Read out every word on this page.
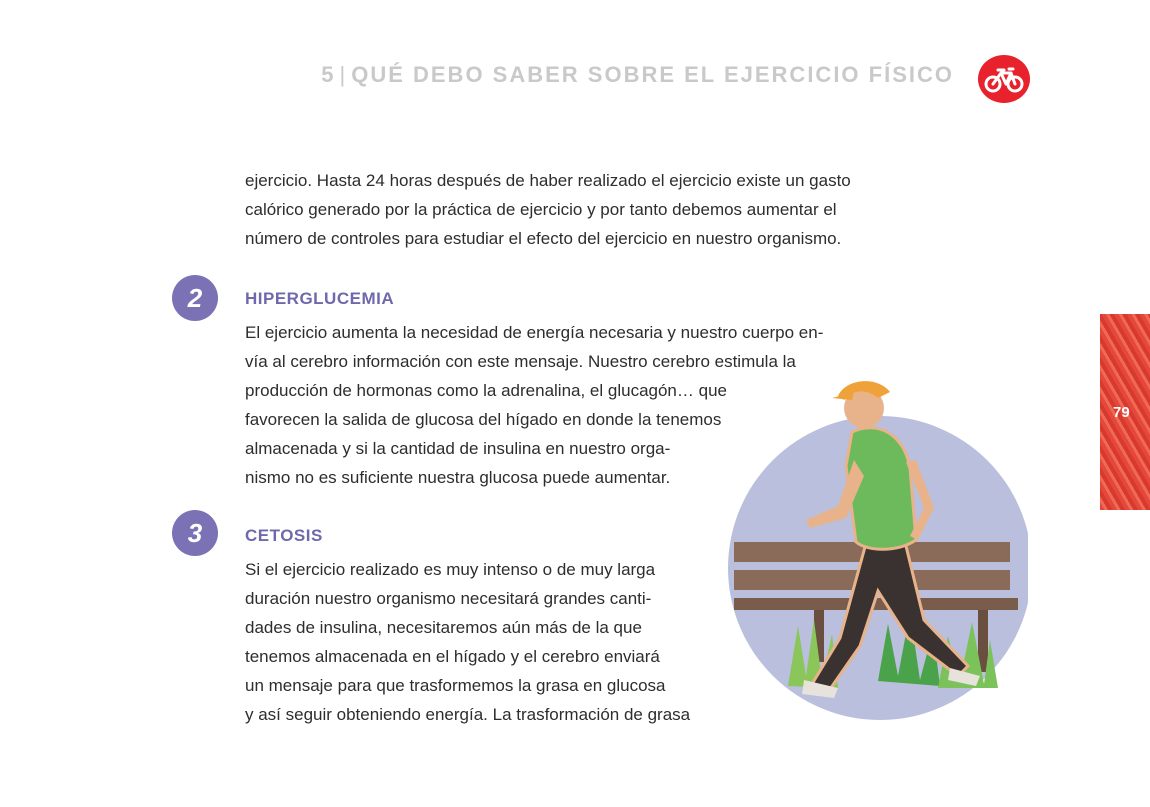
5 | QUÉ DEBO SABER SOBRE EL EJERCICIO FÍSICO
79

ejercicio. Hasta 24 horas después de haber realizado el ejercicio existe un gasto

calórico generado por la práctica de ejercicio y por tanto debemos aumentar el

número de controles para estudiar el efecto del ejercicio en nuestro organismo.

2	HIPERGLUCEMIA

El ejercicio aumenta la necesidad de energía necesaria y nuestro cuerpo en-

vía al cerebro información con este mensaje. Nuestro cerebro estimula la

producción de hormonas como la adrenalina, el glucagón… que

favorecen la salida de glucosa del hígado en donde la tenemos

almacenada y si la cantidad de insulina en nuestro orga-

nismo no es suficiente nuestra glucosa puede aumentar.

3	CETOSIS

Si el ejercicio realizado es muy intenso o de muy larga

duración nuestro organismo necesitará grandes canti-

dades de insulina, necesitaremos aún más de la que

tenemos almacenada en el hígado y el cerebro enviará

un mensaje para que trasformemos la grasa en glucosa

y así seguir obteniendo energía. La trasformación de grasa
